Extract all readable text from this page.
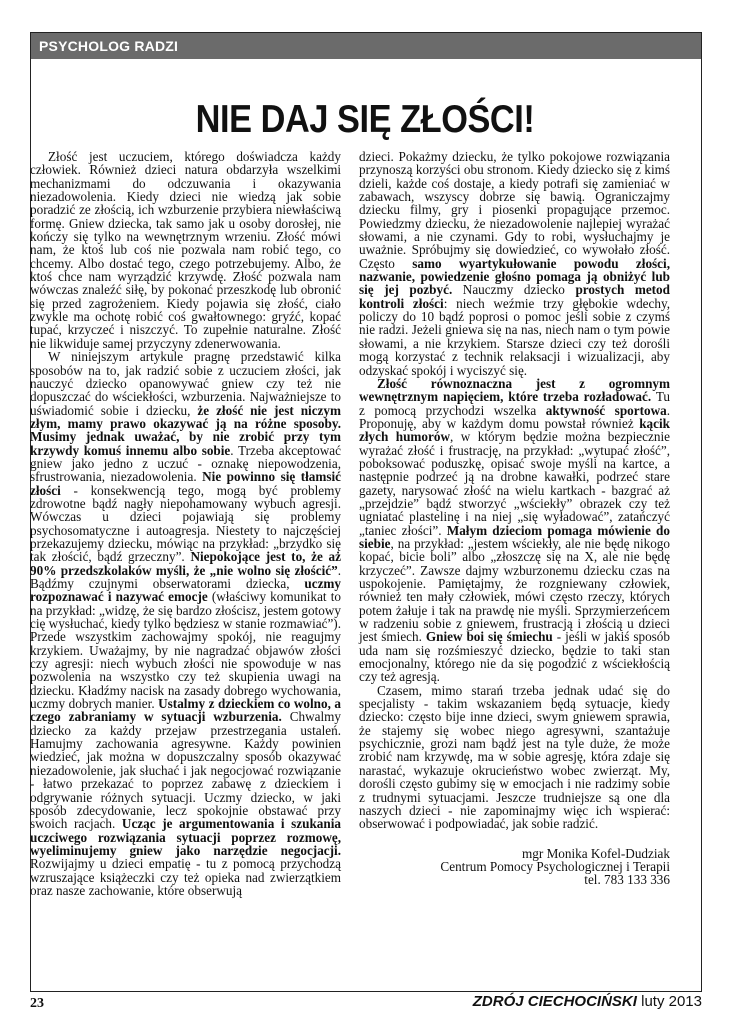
PSYCHOLOG RADZI
NIE DAJ SIĘ ZŁOŚCI!

Złość jest uczuciem, którego doświadcza każdy człowiek. Również dzieci natura obdarzyła wszelkimi mechanizmami do odczuwania i okazywania niezadowolenia. Kiedy dzieci nie wiedzą jak sobie poradzić ze złością, ich wzburzenie przybiera niewłaściwą formę. Gniew dziecka, tak samo jak u osoby dorosłej, nie kończy się tylko na wewnętrznym wrzeniu. Złość mówi nam, że ktoś lub coś nie pozwala nam robić tego, co chcemy. Albo dostać tego, czego potrzebujemy. Albo, że ktoś chce nam wyrządzić krzywdę. Złość pozwala nam wówczas znaleźć siłę, by pokonać przeszkodę lub obronić się przed zagrożeniem. Kiedy pojawia się złość, ciało zwykle ma ochotę robić coś gwałtownego: gryźć, kopać tupać, krzyczeć i niszczyć. To zupełnie naturalne. Złość nie likwiduje samej przyczyny zdenerwowania.

W niniejszym artykule pragnę przedstawić kilka sposobów na to, jak radzić sobie z uczuciem złości, jak nauczyć dziecko opanowywać gniew czy też nie dopuszczać do wściekłości, wzburzenia. Najważniejsze to uświadomić sobie i dziecku, że złość nie jest niczym złym, mamy prawo okazywać ją na różne sposoby. Musimy jednak uważać, by nie zrobić przy tym krzywdy komuś innemu albo sobie. Trzeba akceptować gniew jako jedno z uczuć - oznakę niepowodzenia, sfrustrowania, niezadowolenia. Nie powinno się tłamsić złości - konsekwencją tego, mogą być problemy zdrowotne bądź nagły niepohamowany wybuch agresji. Wówczas u dzieci pojawiają się problemy psychosomatyczne i autoagresja. Niestety to najczęściej przekazujemy dziecku, mówiąc na przykład: „brzydko się tak złościć, bądź grzeczny”. Niepokojące jest to, że aż 90% przedszkolaków myśli, że „nie wolno się złościć”. Bądźmy czujnymi obserwatorami dziecka, uczmy rozpoznawać i nazywać emocje (właściwy komunikat to na przykład: „widzę, że się bardzo złościsz, jestem gotowy cię wysłuchać, kiedy tylko będziesz w stanie rozmawiać”). Przede wszystkim zachowajmy spokój, nie reagujmy krzykiem. Uważajmy, by nie nagradzać objawów złości czy agresji: niech wybuch złości nie spowoduje w nas pozwolenia na wszystko czy też skupienia uwagi na dziecku. Kładźmy nacisk na zasady dobrego wychowania, uczmy dobrych manier. Ustalmy z dzieckiem co wolno, a czego zabraniamy w sytuacji wzburzenia. Chwalmy dziecko za każdy przejaw przestrzegania ustaleń. Hamujmy zachowania agresywne. Każdy powinien wiedzieć, jak można w dopuszczalny sposób okazywać niezadowolenie, jak słuchać i jak negocjować rozwiązanie - łatwo przekazać to poprzez zabawę z dzieckiem i odgrywanie różnych sytuacji. Uczmy dziecko, w jaki sposób zdecydowanie, lecz spokojnie obstawać przy swoich racjach. Ucząc je argumentowania i szukania uczciwego rozwiązania sytuacji poprzez rozmowę, wyeliminujemy gniew jako narzędzie negocjacji. Rozwijajmy u dzieci empatię - tu z pomocą przychodzą wzruszające książeczki czy też opieka nad zwierzątkiem oraz nasze zachowanie, które obserwują

dzieci. Pokażmy dziecku, że tylko pokojowe rozwiązania przynoszą korzyści obu stronom. Kiedy dziecko się z kimś dzieli, każde coś dostaje, a kiedy potrafi się zamieniać w zabawach, wszyscy dobrze się bawią. Ograniczajmy dziecku filmy, gry i piosenki propagujące przemoc. Powiedzmy dziecku, że niezadowolenie najlepiej wyrażać słowami, a nie czynami. Gdy to robi, wysłuchajmy je uważnie. Spróbujmy się dowiedzieć, co wywołało złość. Często samo wyartykułowanie powodu złości, nazwanie, powiedzenie głośno pomaga ją obniżyć lub się jej pozbyć. Nauczmy dziecko prostych metod kontroli złości: niech weźmie trzy głębokie wdechy, policzy do 10 bądź poprosi o pomoc jeśli sobie z czymś nie radzi. Jeżeli gniewa się na nas, niech nam o tym powie słowami, a nie krzykiem. Starsze dzieci czy też dorośli mogą korzystać z technik relaksacji i wizualizacji, aby odzyskać spokój i wyciszyć się.

Złość równoznaczna jest z ogromnym wewnętrznym napięciem, które trzeba rozładować. Tu z pomocą przychodzi wszelka aktywność sportowa. Proponuję, aby w każdym domu powstał również kącik złych humorów, w którym będzie można bezpiecznie wyrażać złość i frustrację, na przykład: „wytupać złość”, poboksować poduszkę, opisać swoje myśli na kartce, a następnie podrzeć ją na drobne kawałki, podrzeć stare gazety, narysować złość na wielu kartkach - bazgrać aż „przejdzie” bądź stworzyć „wściekły” obrazek czy też ugniatać plastelinę i na niej „się wyładować”, zatańczyć „taniec złości”. Małym dzieciom pomaga mówienie do siebie, na przykład: „jestem wściekły, ale nie będę nikogo kopać, bicie boli” albo „złoszczę się na X, ale nie będę krzyczeć”. Zawsze dajmy wzburzonemu dziecku czas na uspokojenie. Pamiętajmy, że rozgniewany człowiek, również ten mały człowiek, mówi często rzeczy, których potem żałuje i tak na prawdę nie myśli. Sprzymierzeńcem w radzeniu sobie z gniewem, frustracją i złością u dzieci jest śmiech. Gniew boi się śmiechu - jeśli w jakiś sposób uda nam się rozśmieszyć dziecko, będzie to taki stan emocjonalny, którego nie da się pogodzić z wściekłością czy też agresją.

Czasem, mimo starań trzeba jednak udać się do specjalisty - takim wskazaniem będą sytuacje, kiedy dziecko: często bije inne dzieci, swym gniewem sprawia, że stajemy się wobec niego agresywni, szantażuje psychicznie, grozi nam bądź jest na tyle duże, że może zrobić nam krzywdę, ma w sobie agresję, która zdaje się narastać, wykazuje okrucieństwo wobec zwierząt. My, dorośli często gubimy się w emocjach i nie radzimy sobie z trudnymi sytuacjami. Jeszcze trudniejsze są one dla naszych dzieci - nie zapominajmy więc ich wspierać: obserwować i podpowiadać, jak sobie radzić.

mgr Monika Kofel-Dudziak
Centrum Pomocy Psychologicznej i Terapii
tel. 783 133 336
23	ZDRÓJ CIECHOCIŃSKI luty 2013
